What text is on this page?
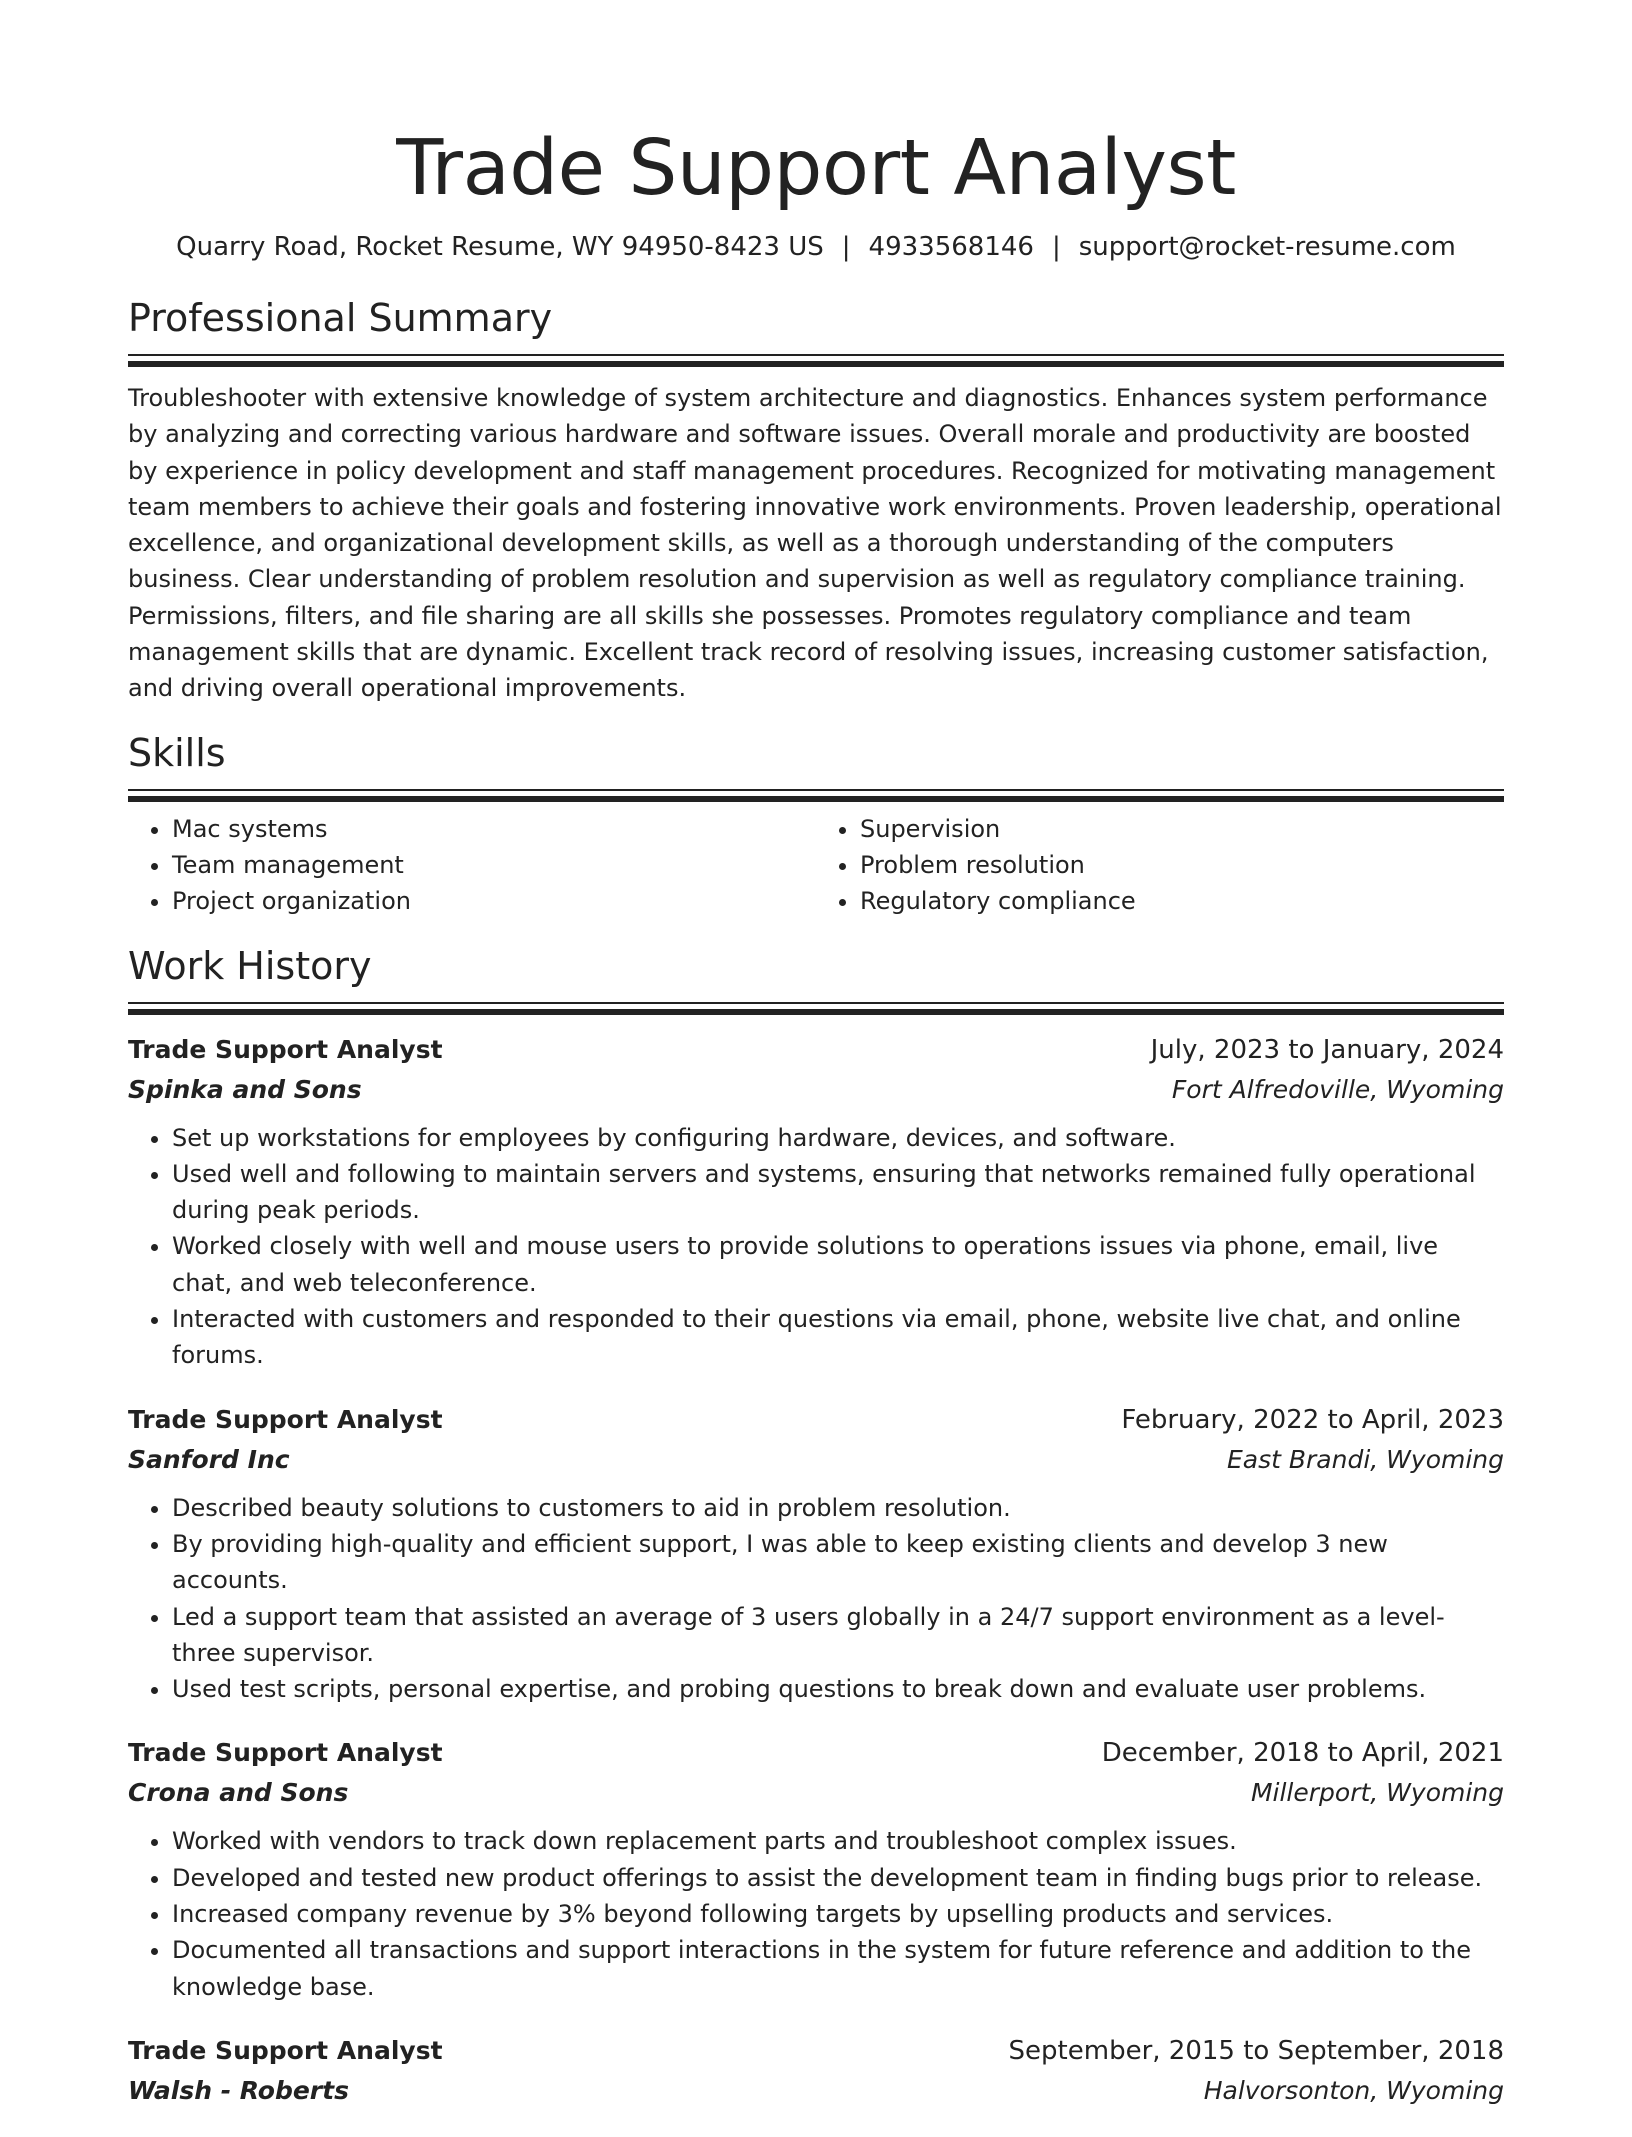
Trade Support Analyst
Quarry Road, Rocket Resume, WY 94950-8423 US | 4933568146 | support@rocket-resume.com
Professional Summary

Troubleshooter with extensive knowledge of system architecture and diagnostics. Enhances system performance by analyzing and correcting various hardware and software issues. Overall morale and productivity are boosted by experience in policy development and staff management procedures. Recognized for motivating management team members to achieve their goals and fostering innovative work environments. Proven leadership, operational excellence, and organizational development skills, as well as a thorough understanding of the computers business. Clear understanding of problem resolution and supervision as well as regulatory compliance training. Permissions, filters, and file sharing are all skills she possesses. Promotes regulatory compliance and team management skills that are dynamic. Excellent track record of resolving issues, increasing customer satisfaction, and driving overall operational improvements.

Skills
• Mac systems
• Team management
• Project organization
• Supervision
• Problem resolution
• Regulatory compliance
Work History
Trade Support Analyst	July, 2023 to January, 2024
Spinka and Sons	Fort Alfredoville, Wyoming
• Set up workstations for employees by configuring hardware, devices, and software.
• Used well and following to maintain servers and systems, ensuring that networks remained fully operational during peak periods.
• Worked closely with well and mouse users to provide solutions to operations issues via phone, email, live chat, and web teleconference.
• Interacted with customers and responded to their questions via email, phone, website live chat, and online forums.
Trade Support Analyst	February, 2022 to April, 2023
Sanford Inc	East Brandi, Wyoming
• Described beauty solutions to customers to aid in problem resolution.
• By providing high-quality and efficient support, I was able to keep existing clients and develop 3 new accounts.
• Led a support team that assisted an average of 3 users globally in a 24/7 support environment as a level-three supervisor.
• Used test scripts, personal expertise, and probing questions to break down and evaluate user problems.
Trade Support Analyst	December, 2018 to April, 2021
Crona and Sons	Millerport, Wyoming
• Worked with vendors to track down replacement parts and troubleshoot complex issues.
• Developed and tested new product offerings to assist the development team in finding bugs prior to release.
• Increased company revenue by 3% beyond following targets by upselling products and services.
• Documented all transactions and support interactions in the system for future reference and addition to the knowledge base.
Trade Support Analyst	September, 2015 to September, 2018
Walsh - Roberts	Halvorsonton, Wyoming
